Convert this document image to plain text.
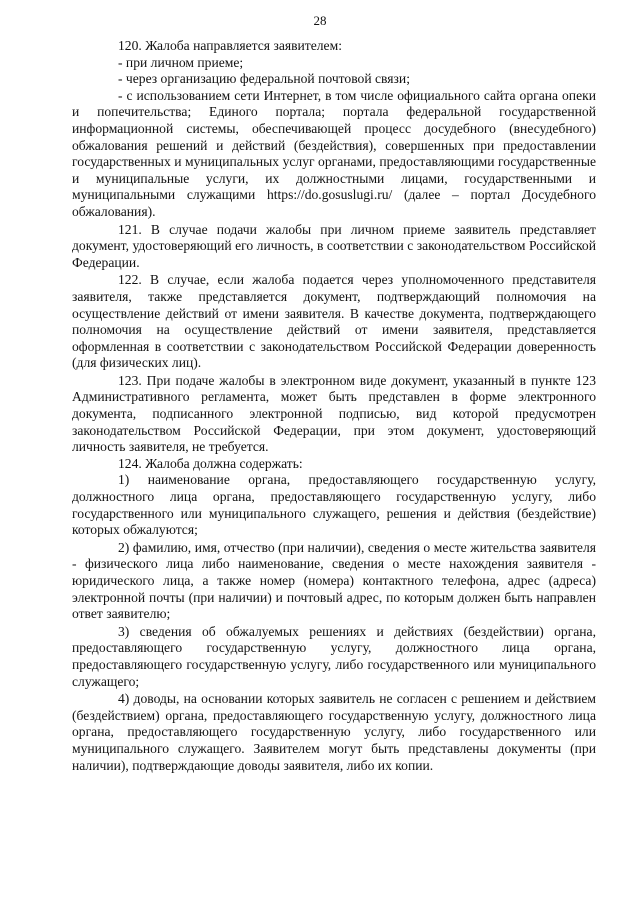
28

120. Жалоба направляется заявителем:

- при личном приеме;

- через организацию федеральной почтовой связи;

- с использованием сети Интернет, в том числе официального сайта органа опеки и попечительства; Единого портала; портала федеральной государственной информационной системы, обеспечивающей процесс досудебного (внесудебного) обжалования решений и действий (бездействия), совершенных при предоставлении государственных и муниципальных услуг органами, предоставляющими государственные и муниципальные услуги, их должностными лицами, государственными и муниципальными служащими https://do.gosuslugi.ru/ (далее – портал Досудебного обжалования).

121. В случае подачи жалобы при личном приеме заявитель представляет документ, удостоверяющий его личность, в соответствии с законодательством Российской Федерации.

122. В случае, если жалоба подается через уполномоченного представителя заявителя, также представляется документ, подтверждающий полномочия на осуществление действий от имени заявителя. В качестве документа, подтверждающего полномочия на осуществление действий от имени заявителя, представляется оформленная в соответствии с законодательством Российской Федерации доверенность (для физических лиц).

123. При подаче жалобы в электронном виде документ, указанный в пункте 123 Административного регламента, может быть представлен в форме электронного документа, подписанного электронной подписью, вид которой предусмотрен законодательством Российской Федерации, при этом документ, удостоверяющий личность заявителя, не требуется.

124. Жалоба должна содержать:

1) наименование органа, предоставляющего государственную услугу, должностного лица органа, предоставляющего государственную услугу, либо государственного или муниципального служащего, решения и действия (бездействие) которых обжалуются;

2) фамилию, имя, отчество (при наличии), сведения о месте жительства заявителя - физического лица либо наименование, сведения о месте нахождения заявителя - юридического лица, а также номер (номера) контактного телефона, адрес (адреса) электронной почты (при наличии) и почтовый адрес, по которым должен быть направлен ответ заявителю;

3) сведения об обжалуемых решениях и действиях (бездействии) органа, предоставляющего государственную услугу, должностного лица органа, предоставляющего государственную услугу, либо государственного или муниципального служащего;

4) доводы, на основании которых заявитель не согласен с решением и действием (бездействием) органа, предоставляющего государственную услугу, должностного лица органа, предоставляющего государственную услугу, либо государственного или муниципального служащего. Заявителем могут быть представлены документы (при наличии), подтверждающие доводы заявителя, либо их копии.
